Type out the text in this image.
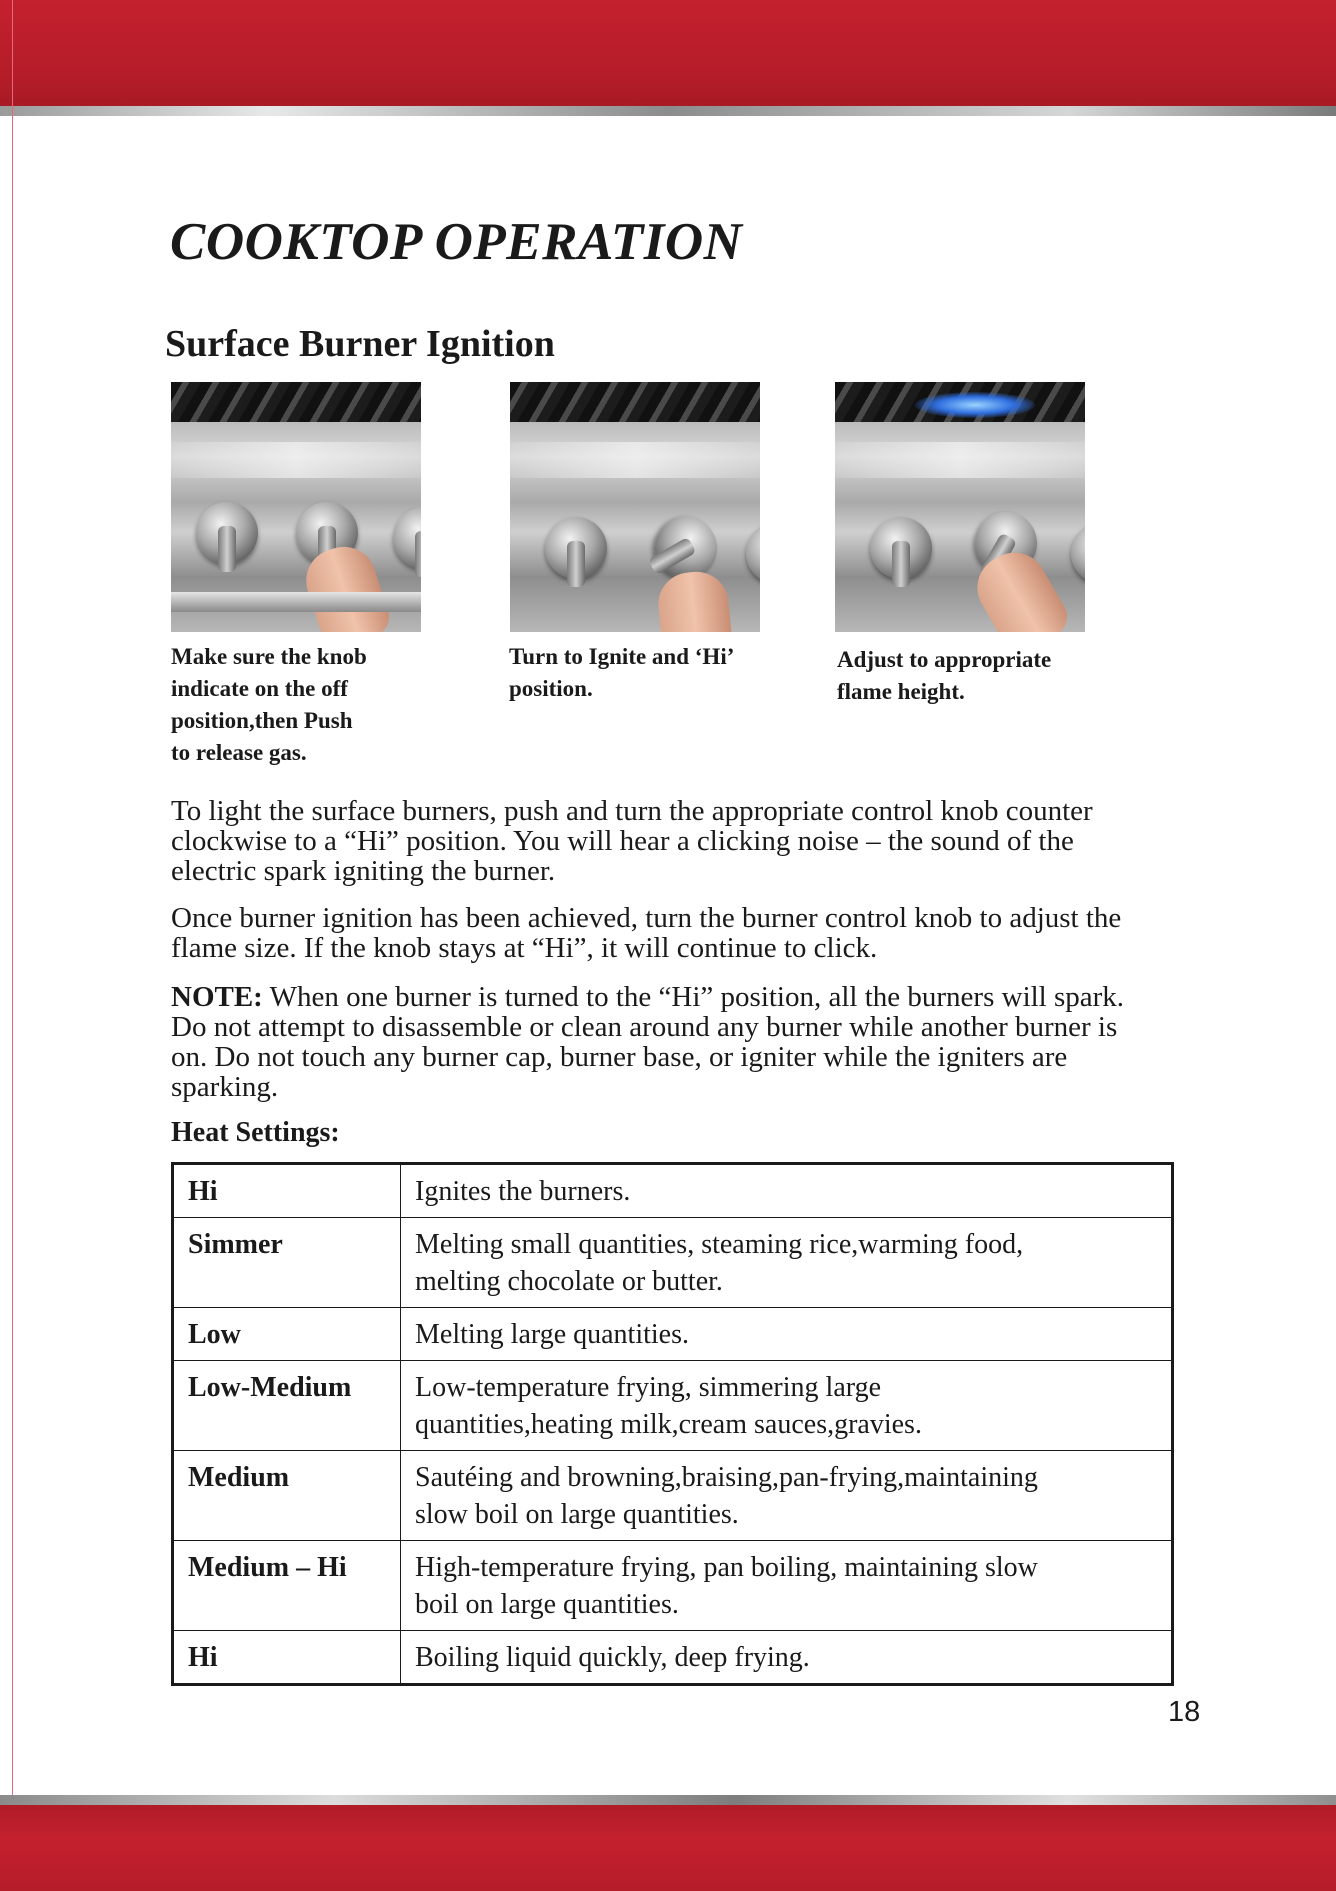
COOKTOP OPERATION
Surface Burner Ignition

Make sure the knob
indicate on the off
position,then Push
to release gas.

Turn to Ignite and ‘Hi’
position.

Adjust to appropriate
flame height.

To light the surface burners, push and turn the appropriate control knob counter
clockwise to a “Hi” position. You will hear a clicking noise – the sound of the
electric spark igniting the burner.

Once burner ignition has been achieved, turn the burner control knob to adjust the
flame size. If the knob stays at “Hi”, it will continue to click.

NOTE: When one burner is turned to the “Hi” position, all the burners will spark.
Do not attempt to disassemble or clean around any burner while another burner is
on. Do not touch any burner cap, burner base, or igniter while the igniters are
sparking.

Heat Settings:
Hi	Ignites the burners.
Simmer	Melting small quantities, steaming rice,warming food,
melting chocolate or butter.
Low	Melting large quantities.
Low-Medium	Low-temperature frying, simmering large
quantities,heating milk,cream sauces,gravies.
Medium	Sautéing and browning,braising,pan-frying,maintaining
slow boil on large quantities.
Medium – Hi	High-temperature frying, pan boiling, maintaining slow
boil on large quantities.
Hi	Boiling liquid quickly, deep frying.
18
